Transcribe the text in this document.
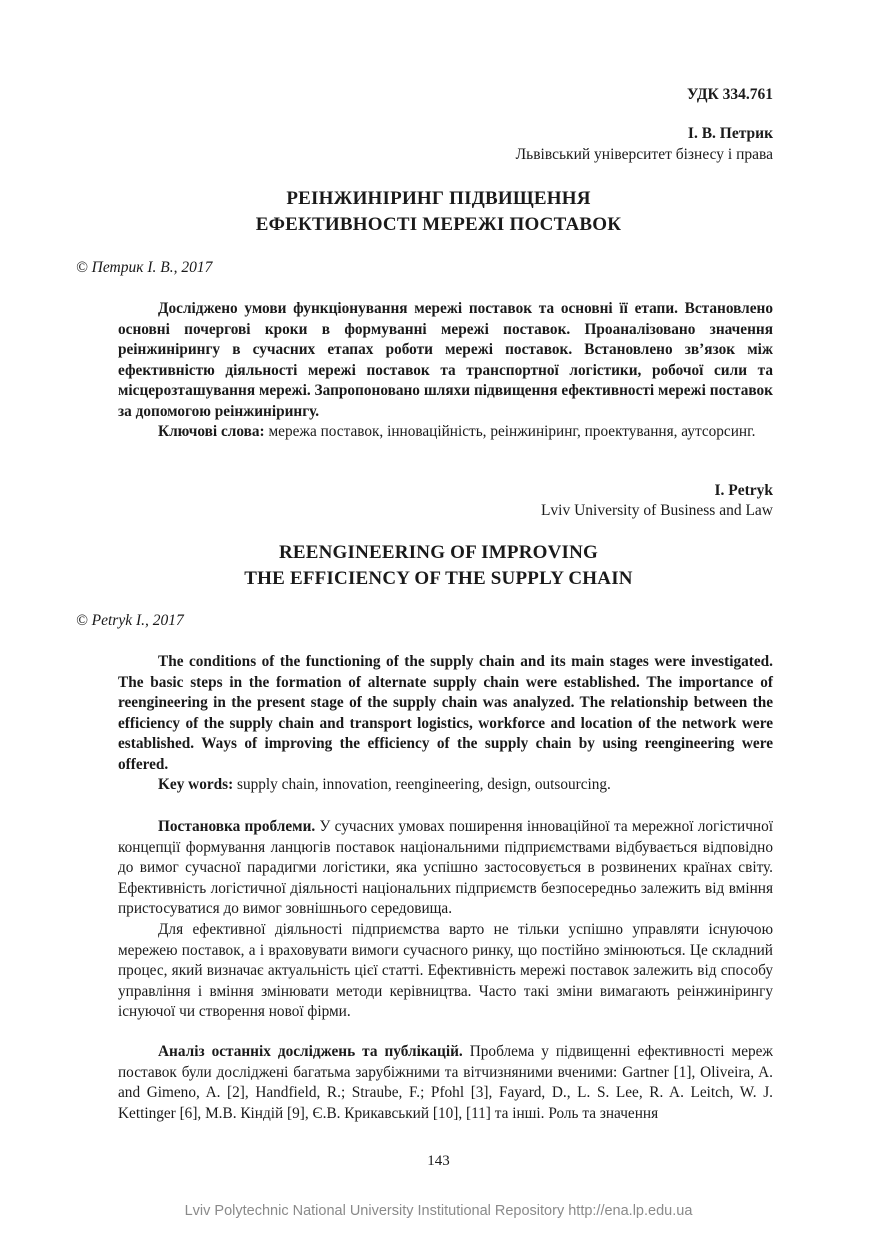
УДК 334.761
І. В. Петрик
Львівський університет бізнесу і права
РЕІНЖИНІРИНГ ПІДВИЩЕННЯ
ЕФЕКТИВНОСТІ МЕРЕЖІ ПОСТАВОК
© Петрик І. В., 2017

Досліджено умови функціонування мережі поставок та основні її етапи. Встановлено основні почергові кроки в формуванні мережі поставок. Проаналізовано значення реінжинірингу в сучасних етапах роботи мережі поставок. Встановлено зв’язок між ефективністю діяльності мережі поставок та транспортної логістики, робочої сили та місцерозташування мережі. Запропоновано шляхи підвищення ефективності мережі поставок за допомогою реінжинірингу.

Ключові слова: мережа поставок, інноваційність, реінжиніринг, проектування, аутсорсинг.

I. Petryk
Lviv University of Business and Law
REENGINEERING OF IMPROVING
THE EFFICIENCY OF THE SUPPLY CHAIN
© Petryk I., 2017

The conditions of the functioning of the supply chain and its main stages were investigated. The basic steps in the formation of alternate supply chain were established. The importance of reengineering in the present stage of the supply chain was analyzed. The relationship between the efficiency of the supply chain and transport logistics, workforce and location of the network were established. Ways of improving the efficiency of the supply chain by using reengineering were offered.

Key words: supply chain, innovation, reengineering, design, outsourcing.

Постановка проблеми. У сучасних умовах поширення інноваційної та мережної логістичної концепції формування ланцюгів поставок національними підприємствами відбувається відповідно до вимог сучасної парадигми логістики, яка успішно застосовується в розвинених країнах світу. Ефективність логістичної діяльності національних підприємств безпосередньо залежить від вміння пристосуватися до вимог зовнішнього середовища.

Для ефективної діяльності підприємства варто не тільки успішно управляти існуючою мережею поставок, а і враховувати вимоги сучасного ринку, що постійно змінюються. Це складний процес, який визначає актуальність цієї статті. Ефективність мережі поставок залежить від способу управління і вміння змінювати методи керівництва. Часто такі зміни вимагають реінжинірингу існуючої чи створення нової фірми.

Аналіз останніх досліджень та публікацій. Проблема у підвищенні ефективності мереж поставок були досліджені багатьма зарубіжними та вітчизняними вченими: Gartner [1], Oliveira, A. and Gimeno, A. [2], Handfield, R.; Straube, F.; Pfohl [3], Fayard, D., L. S. Lee, R. A. Leitch, W. J. Kettinger [6], М.В. Кіндій [9], Є.В. Крикавський [10], [11] та інші. Роль та значення

143
Lviv Polytechnic National University Institutional Repository http://ena.lp.edu.ua
